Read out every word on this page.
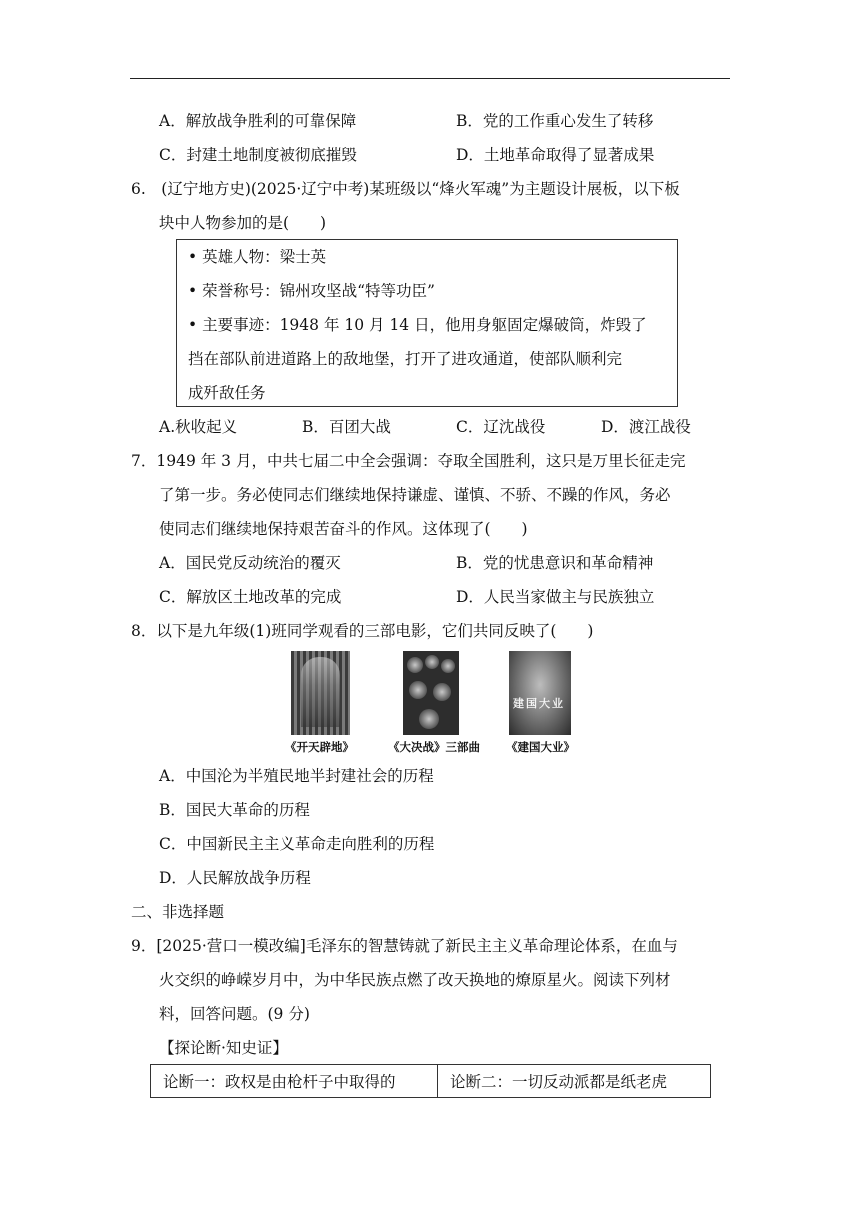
A．解放战争胜利的可靠保障	B．党的工作重心发生了转移
C．封建土地制度被彻底摧毁	D．土地革命取得了显著成果
6.　(辽宁地方史)(2025·辽宁中考)某班级以“烽火军魂”为主题设计展板，以下板
块中人物参加的是(　　)
• 英雄人物：梁士英
• 荣誉称号：锦州攻坚战“特等功臣”
• 主要事迹：1948 年 10 月 14 日，他用身躯固定爆破筒，炸毁了
挡在部队前进道路上的敌地堡，打开了进攻通道，使部队顺利完
成歼敌任务
A.秋收起义	B．百团大战	C．辽沈战役	D．渡江战役
7．1949 年 3 月，中共七届二中全会强调：夺取全国胜利，这只是万里长征走完
了第一步。务必使同志们继续地保持谦虚、谨慎、不骄、不躁的作风，务必
使同志们继续地保持艰苦奋斗的作风。这体现了(　　)
A．国民党反动统治的覆灭	B．党的忧患意识和革命精神
C．解放区土地改革的完成	D．人民当家做主与民族独立
8．以下是九年级(1)班同学观看的三部电影，它们共同反映了(　　)
建国大业
《开天辟地》	《大决战》三部曲 《建国大业》
A．中国沦为半殖民地半封建社会的历程
B．国民大革命的历程
C．中国新民主主义革命走向胜利的历程
D．人民解放战争历程
二、非选择题
9．[2025·营口一模改编]毛泽东的智慧铸就了新民主主义革命理论体系，在血与
火交织的峥嵘岁月中，为中华民族点燃了改天换地的燎原星火。阅读下列材
料，回答问题。(9 分)
【探论断·知史证】
论断一：政权是由枪杆子中取得的	论断二：一切反动派都是纸老虎
